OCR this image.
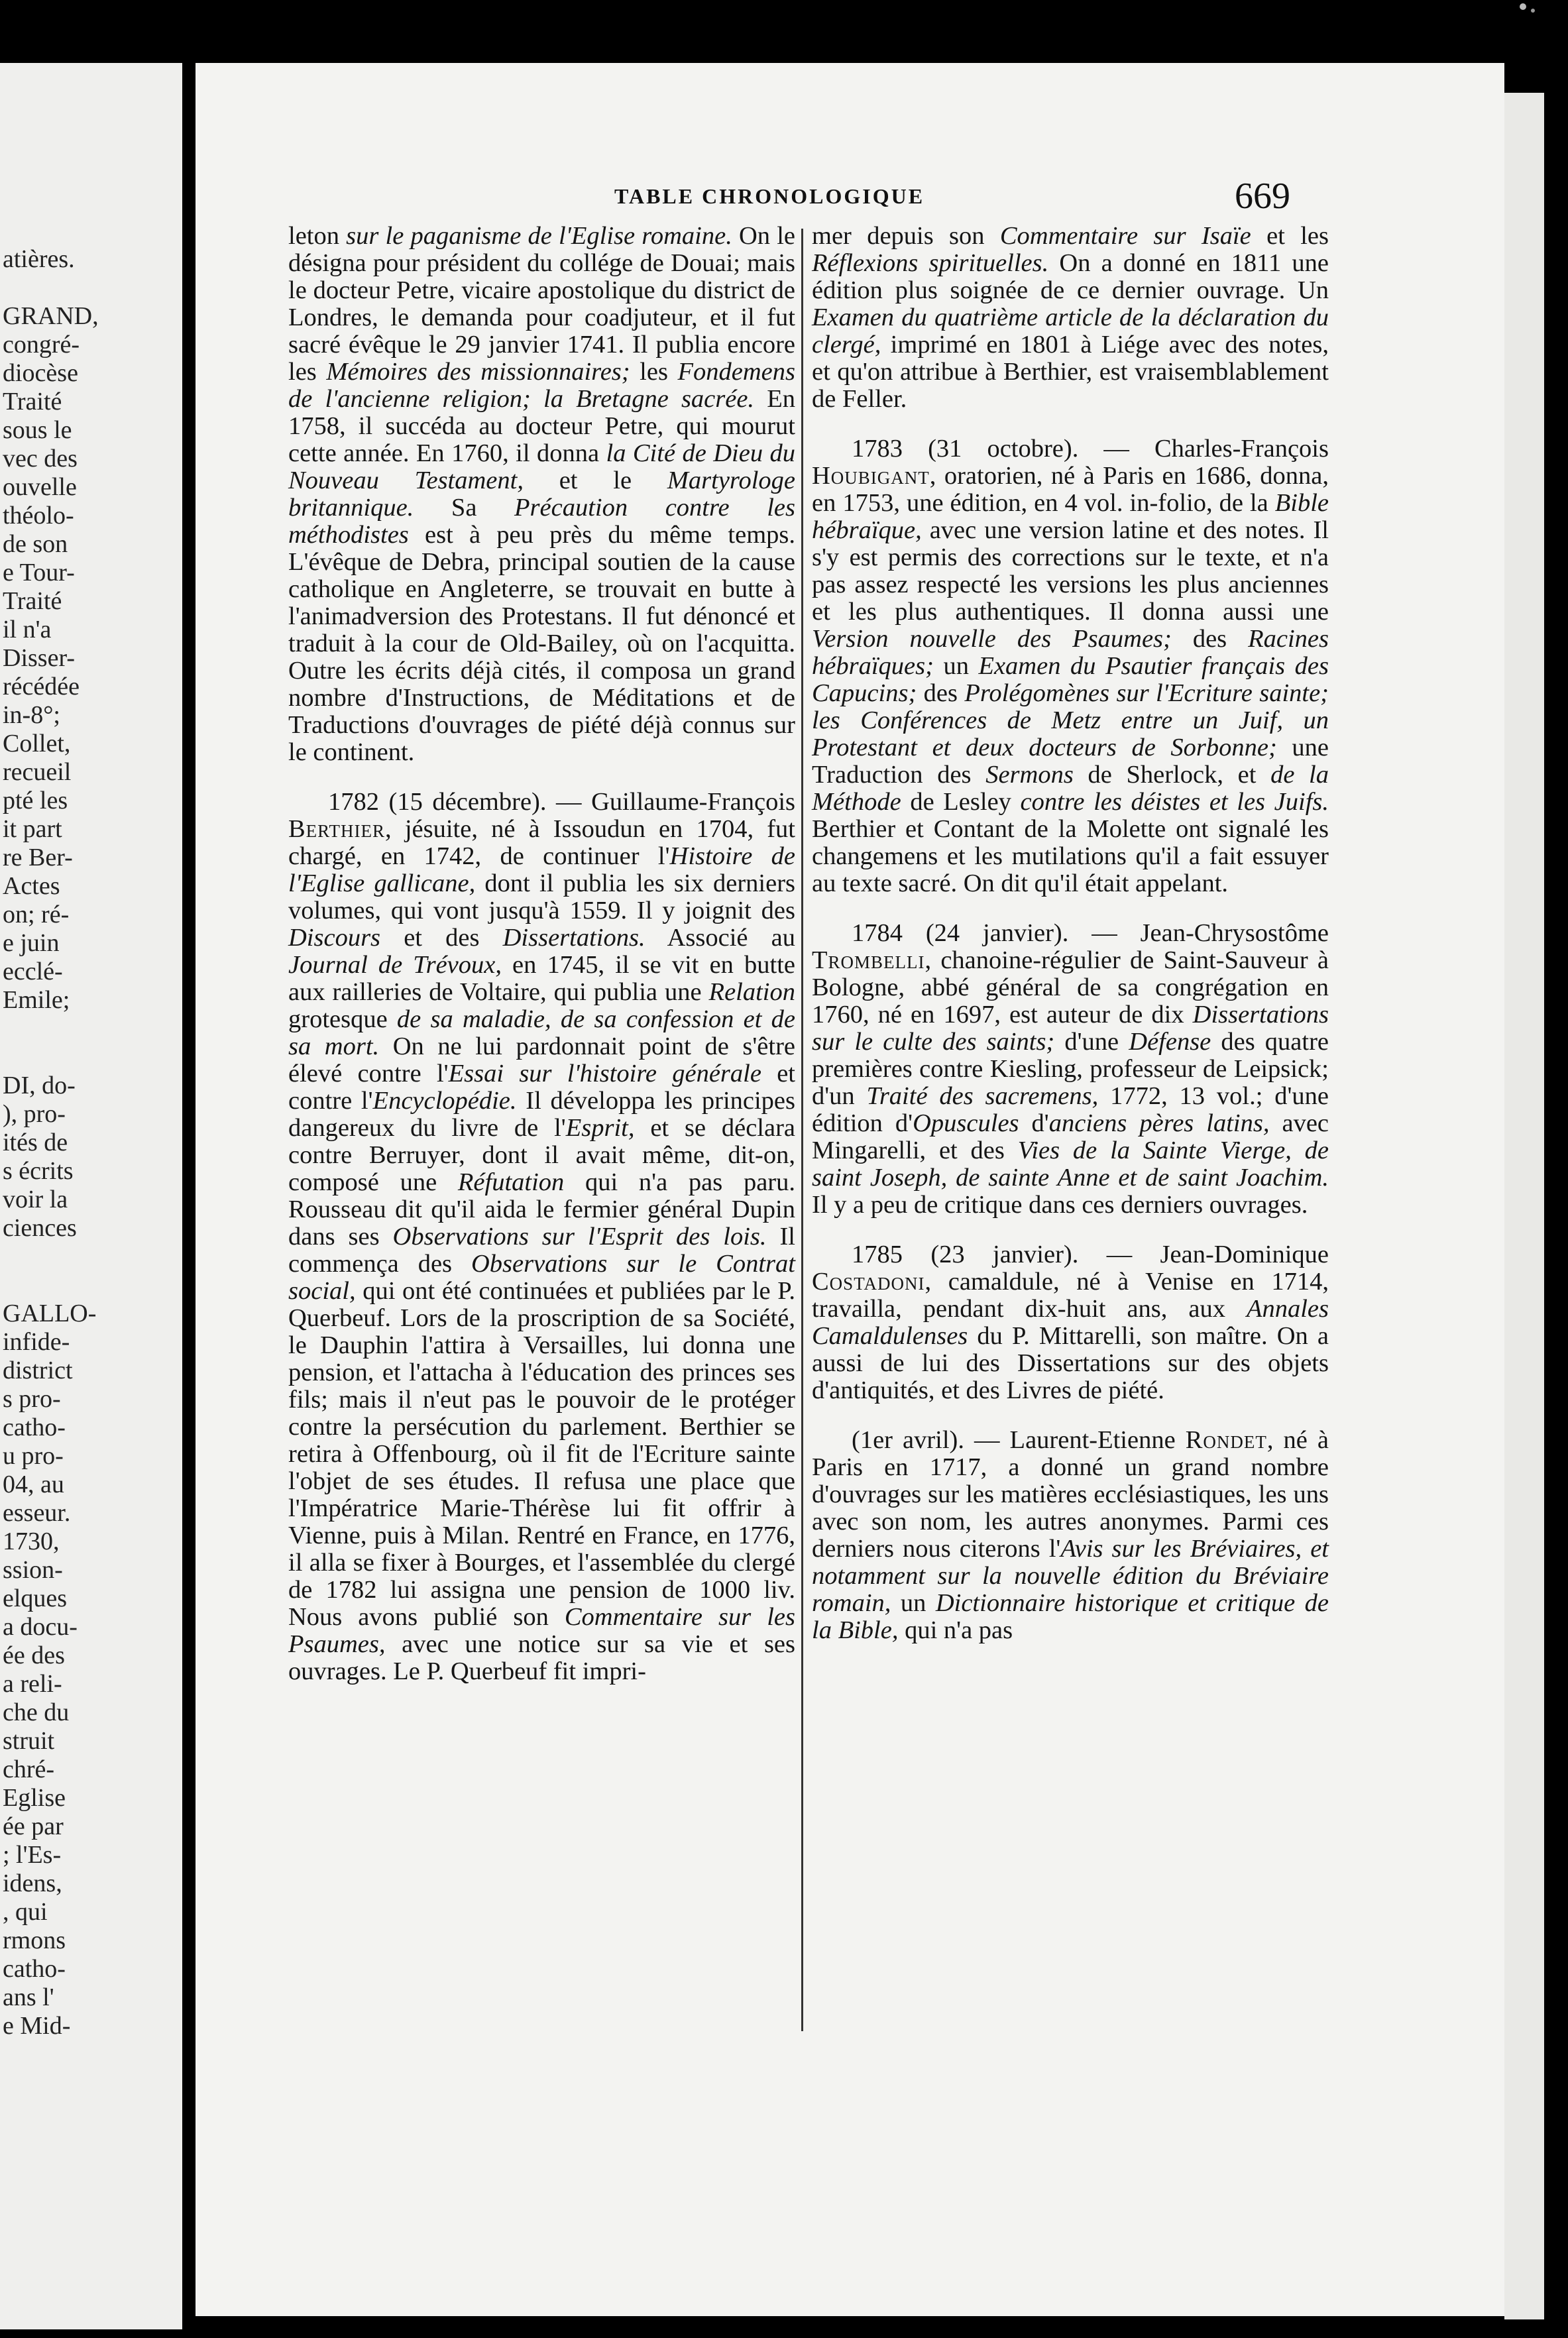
atières.
GRAND,
congré-
diocèse
Traité
sous le
vec des
ouvelle
théolo-
de son
e Tour-
Traité
il n'a
Disser-
récédée
in-8°;
Collet,
recueil
pté les
it part
re Ber-
Actes
on; ré-
e juin
ecclé-
Emile;
DI, do-
), pro-
ités de
s écrits
voir la
ciences
GALLO-
infide-
district
s pro-
catho-
u pro-
04, au
esseur.
1730,
ssion-
elques
a docu-
ée des
a reli-
che du
struit
chré-
Eglise
ée par
; l'Es-
idens,
, qui
rmons
catho-
ans l'
e Mid-
TABLE CHRONOLOGIQUE	669

leton sur le paganisme de l'Eglise romaine. On le désigna pour président du collége de Douai; mais le docteur Petre, vicaire apostolique du district de Londres, le demanda pour coadjuteur, et il fut sacré évêque le 29 janvier 1741. Il publia encore les Mémoires des missionnaires; les Fondemens de l'ancienne religion; la Bretagne sacrée. En 1758, il succéda au docteur Petre, qui mourut cette année. En 1760, il donna la Cité de Dieu du Nouveau Testament, et le Martyrologe britannique. Sa Précaution contre les méthodistes est à peu près du même temps. L'évêque de Debra, principal soutien de la cause catholique en Angleterre, se trouvait en butte à l'animadversion des Protestans. Il fut dénoncé et traduit à la cour de Old-Bailey, où on l'acquitta. Outre les écrits déjà cités, il composa un grand nombre d'Instructions, de Méditations et de Traductions d'ouvrages de piété déjà connus sur le continent.

1782 (15 décembre). — Guillaume-François Berthier, jésuite, né à Issoudun en 1704, fut chargé, en 1742, de continuer l'Histoire de l'Eglise gallicane, dont il publia les six derniers volumes, qui vont jusqu'à 1559. Il y joignit des Discours et des Dissertations. Associé au Journal de Trévoux, en 1745, il se vit en butte aux railleries de Voltaire, qui publia une Relation grotesque de sa maladie, de sa confession et de sa mort. On ne lui pardonnait point de s'être élevé contre l'Essai sur l'histoire générale et contre l'Encyclopédie. Il développa les principes dangereux du livre de l'Esprit, et se déclara contre Berruyer, dont il avait même, dit-on, composé une Réfutation qui n'a pas paru. Rousseau dit qu'il aida le fermier général Dupin dans ses Observations sur l'Esprit des lois. Il commença des Observations sur le Contrat social, qui ont été continuées et publiées par le P. Querbeuf. Lors de la proscription de sa Société, le Dauphin l'attira à Versailles, lui donna une pension, et l'attacha à l'éducation des princes ses fils; mais il n'eut pas le pouvoir de le protéger contre la persécution du parlement. Berthier se retira à Offenbourg, où il fit de l'Ecriture sainte l'objet de ses études. Il refusa une place que l'Impératrice Marie-Thérèse lui fit offrir à Vienne, puis à Milan. Rentré en France, en 1776, il alla se fixer à Bourges, et l'assemblée du clergé de 1782 lui assigna une pension de 1000 liv. Nous avons publié son Commentaire sur les Psaumes, avec une notice sur sa vie et ses ouvrages. Le P. Querbeuf fit impri-

mer depuis son Commentaire sur Isaïe et les Réflexions spirituelles. On a donné en 1811 une édition plus soignée de ce dernier ouvrage. Un Examen du quatrième article de la déclaration du clergé, imprimé en 1801 à Liége avec des notes, et qu'on attribue à Berthier, est vraisemblablement de Feller.

1783 (31 octobre). — Charles-François Houbigant, oratorien, né à Paris en 1686, donna, en 1753, une édition, en 4 vol. in-folio, de la Bible hébraïque, avec une version latine et des notes. Il s'y est permis des corrections sur le texte, et n'a pas assez respecté les versions les plus anciennes et les plus authentiques. Il donna aussi une Version nouvelle des Psaumes; des Racines hébraïques; un Examen du Psautier français des Capucins; des Prolégomènes sur l'Ecriture sainte; les Conférences de Metz entre un Juif, un Protestant et deux docteurs de Sorbonne; une Traduction des Sermons de Sherlock, et de la Méthode de Lesley contre les déistes et les Juifs. Berthier et Contant de la Molette ont signalé les changemens et les mutilations qu'il a fait essuyer au texte sacré. On dit qu'il était appelant.

1784 (24 janvier). — Jean-Chrysostôme Trombelli, chanoine-régulier de Saint-Sauveur à Bologne, abbé général de sa congrégation en 1760, né en 1697, est auteur de dix Dissertations sur le culte des saints; d'une Défense des quatre premières contre Kiesling, professeur de Leipsick; d'un Traité des sacremens, 1772, 13 vol.; d'une édition d'Opuscules d'anciens pères latins, avec Mingarelli, et des Vies de la Sainte Vierge, de saint Joseph, de sainte Anne et de saint Joachim. Il y a peu de critique dans ces derniers ouvrages.

1785 (23 janvier). — Jean-Dominique Costadoni, camaldule, né à Venise en 1714, travailla, pendant dix-huit ans, aux Annales Camaldulenses du P. Mittarelli, son maître. On a aussi de lui des Dissertations sur des objets d'antiquités, et des Livres de piété.

(1er avril). — Laurent-Etienne Rondet, né à Paris en 1717, a donné un grand nombre d'ouvrages sur les matières ecclésiastiques, les uns avec son nom, les autres anonymes. Parmi ces derniers nous citerons l'Avis sur les Bréviaires, et notamment sur la nouvelle édition du Bréviaire romain, un Dictionnaire historique et critique de la Bible, qui n'a pas
